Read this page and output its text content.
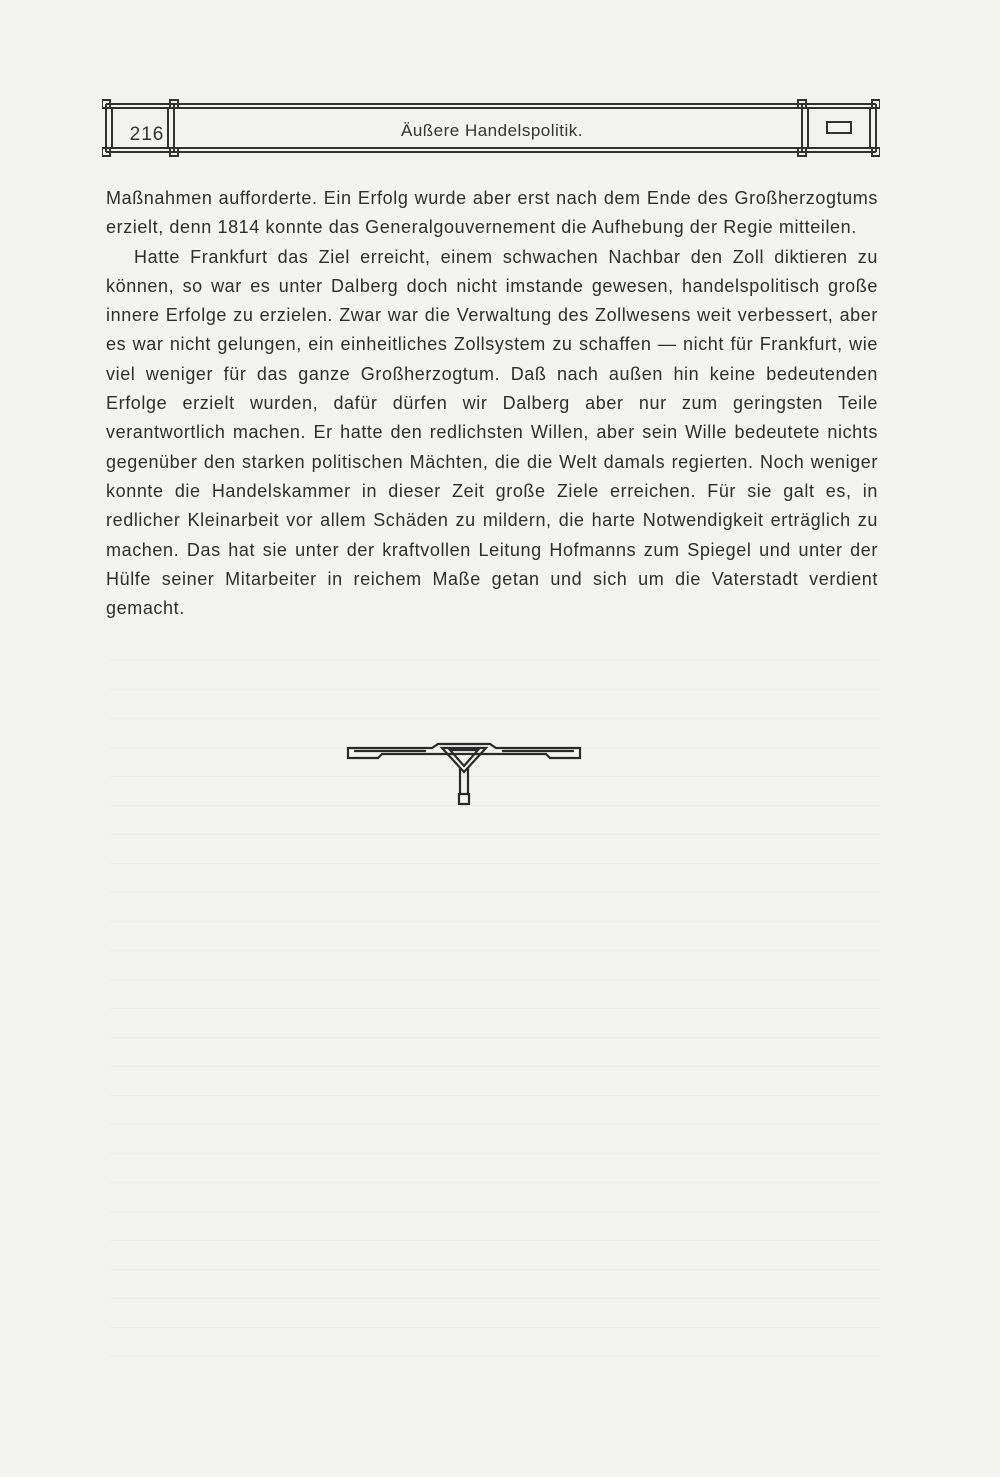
216	Äußere Handelspolitik.

Maßnahmen aufforderte. Ein Erfolg wurde aber erst nach dem Ende des Großherzogtums erzielt, denn 1814 konnte das Generalgouvernement die Aufhebung der Regie mitteilen.

Hatte Frankfurt das Ziel erreicht, einem schwachen Nachbar den Zoll diktieren zu können, so war es unter Dalberg doch nicht imstande gewesen, handelspolitisch große innere Erfolge zu erzielen. Zwar war die Verwaltung des Zollwesens weit verbessert, aber es war nicht gelungen, ein einheitliches Zollsystem zu schaffen — nicht für Frankfurt, wie viel weniger für das ganze Großherzogtum. Daß nach außen hin keine bedeutenden Erfolge erzielt wurden, dafür dürfen wir Dalberg aber nur zum geringsten Teile verantwortlich machen. Er hatte den redlichsten Willen, aber sein Wille bedeutete nichts gegenüber den starken politischen Mächten, die die Welt damals regierten. Noch weniger konnte die Handelskammer in dieser Zeit große Ziele erreichen. Für sie galt es, in redlicher Kleinarbeit vor allem Schäden zu mildern, die harte Notwendigkeit erträglich zu machen. Das hat sie unter der kraftvollen Leitung Hofmanns zum Spiegel und unter der Hülfe seiner Mitarbeiter in reichem Maße getan und sich um die Vaterstadt verdient gemacht.
